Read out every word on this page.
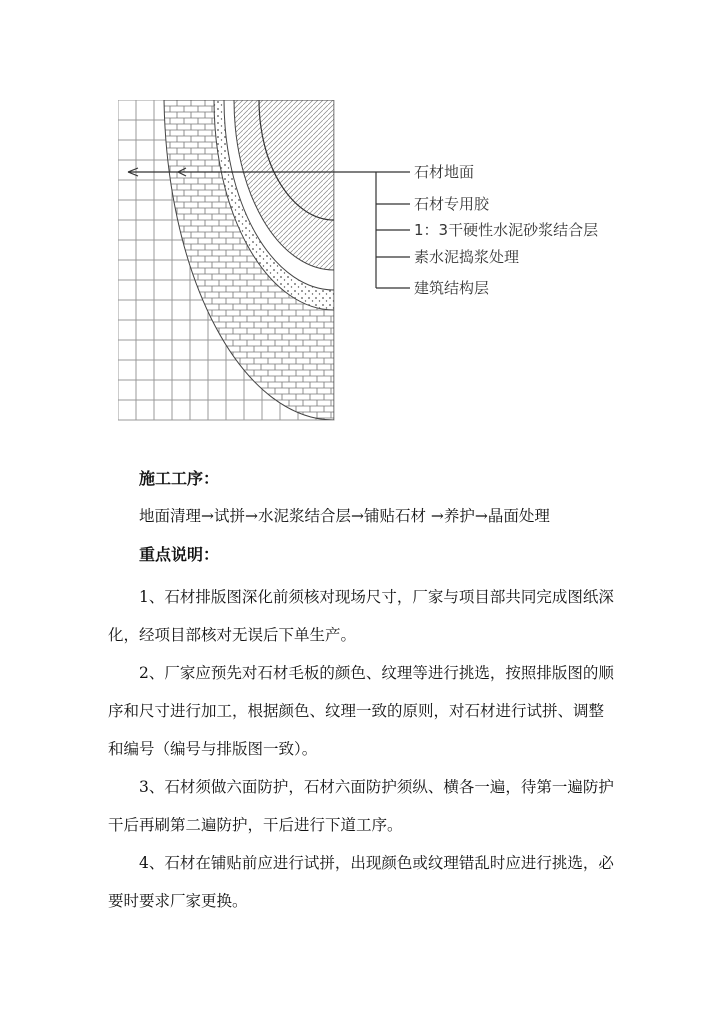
石材地面
石材专用胶
1：3干硬性水泥砂浆结合层
素水泥捣浆处理
建筑结构层

施工工序：

地面清理→试拼→水泥浆结合层→铺贴石材 →养护→晶面处理

重点说明：

1、石材排版图深化前须核对现场尺寸，厂家与项目部共同完成图纸深化，经项目部核对无误后下单生产。

2、厂家应预先对石材毛板的颜色、纹理等进行挑选，按照排版图的顺序和尺寸进行加工，根据颜色、纹理一致的原则，对石材进行试拼、调整和编号（编号与排版图一致）。

3、石材须做六面防护，石材六面防护须纵、横各一遍，待第一遍防护干后再刷第二遍防护，干后进行下道工序。

4、石材在铺贴前应进行试拼，出现颜色或纹理错乱时应进行挑选，必要时要求厂家更换。
